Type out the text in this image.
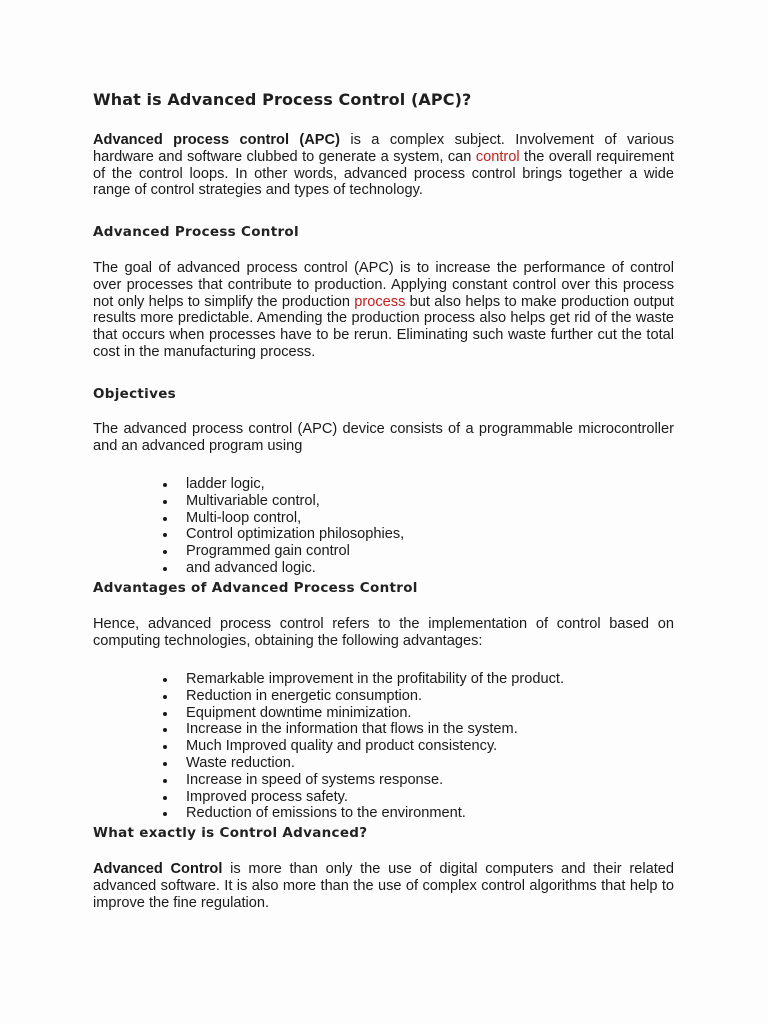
What is Advanced Process Control (APC)?

Advanced process control (APC) is a complex subject. Involvement of various hardware and software clubbed to generate a system, can control the overall requirement of the control loops. In other words, advanced process control brings together a wide range of control strategies and types of technology.

Advanced Process Control

The goal of advanced process control (APC) is to increase the performance of control over processes that contribute to production. Applying constant control over this process not only helps to simplify the production process but also helps to make production output results more predictable. Amending the production process also helps get rid of the waste that occurs when processes have to be rerun. Eliminating such waste further cut the total cost in the manufacturing process.

Objectives

The advanced process control (APC) device consists of a programmable microcontroller and an advanced program using

ladder logic,
Multivariable control,
Multi-loop control,
Control optimization philosophies,
Programmed gain control
and advanced logic.
Advantages of Advanced Process Control

Hence, advanced process control refers to the implementation of control based on computing technologies, obtaining the following advantages:

Remarkable improvement in the profitability of the product.
Reduction in energetic consumption.
Equipment downtime minimization.
Increase in the information that flows in the system.
Much Improved quality and product consistency.
Waste reduction.
Increase in speed of systems response.
Improved process safety.
Reduction of emissions to the environment.
What exactly is Control Advanced?

Advanced Control is more than only the use of digital computers and their related advanced software. It is also more than the use of complex control algorithms that help to improve the fine regulation.
